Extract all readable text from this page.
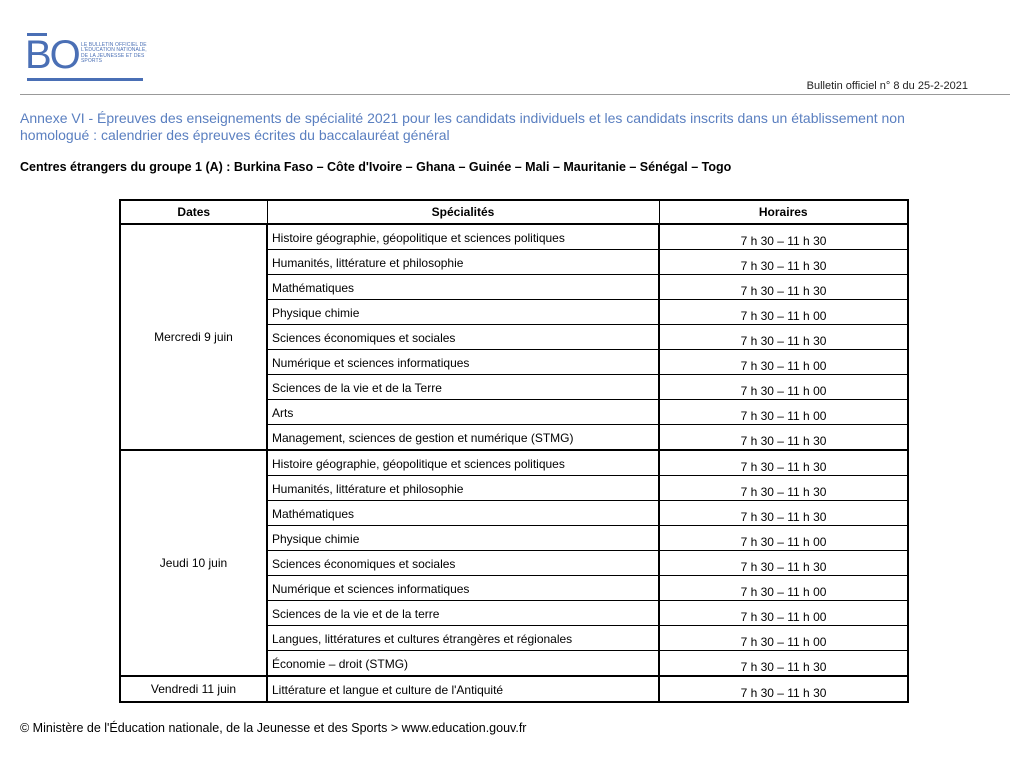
BO LE BULLETIN OFFICIEL DE L'ÉDUCATION NATIONALE, DE LA JEUNESSE ET DES SPORTS
Bulletin officiel n° 8 du 25-2-2021
Annexe VI - Épreuves des enseignements de spécialité 2021 pour les candidats individuels et les candidats inscrits dans un établissement non homologué : calendrier des épreuves écrites du baccalauréat général
Centres étrangers du groupe 1 (A) : Burkina Faso – Côte d'Ivoire – Ghana – Guinée – Mali – Mauritanie – Sénégal – Togo
Dates	Spécialités	Horaires
Mercredi 9 juin	Histoire géographie, géopolitique et sciences politiques	7 h 30 – 11 h 30
	Humanités, littérature et philosophie	7 h 30 – 11 h 30
	Mathématiques	7 h 30 – 11 h 30
	Physique chimie	7 h 30 – 11 h 00
	Sciences économiques et sociales	7 h 30 – 11 h 30
	Numérique et sciences informatiques	7 h 30 – 11 h 00
	Sciences de la vie et de la Terre	7 h 30 – 11 h 00
	Arts	7 h 30 – 11 h 00
	Management, sciences de gestion et numérique (STMG)	7 h 30 – 11 h 30
Jeudi 10 juin	Histoire géographie, géopolitique et sciences politiques	7 h 30 – 11 h 30
	Humanités, littérature et philosophie	7 h 30 – 11 h 30
	Mathématiques	7 h 30 – 11 h 30
	Physique chimie	7 h 30 – 11 h 00
	Sciences économiques et sociales	7 h 30 – 11 h 30
	Numérique et sciences informatiques	7 h 30 – 11 h 00
	Sciences de la vie et de la terre	7 h 30 – 11 h 00
	Langues, littératures et cultures étrangères et régionales	7 h 30 – 11 h 00
	Économie – droit (STMG)	7 h 30 – 11 h 30
Vendredi 11 juin	Littérature et langue et culture de l'Antiquité	7 h 30 – 11 h 30
© Ministère de l'Éducation nationale, de la Jeunesse et des Sports > www.education.gouv.fr
